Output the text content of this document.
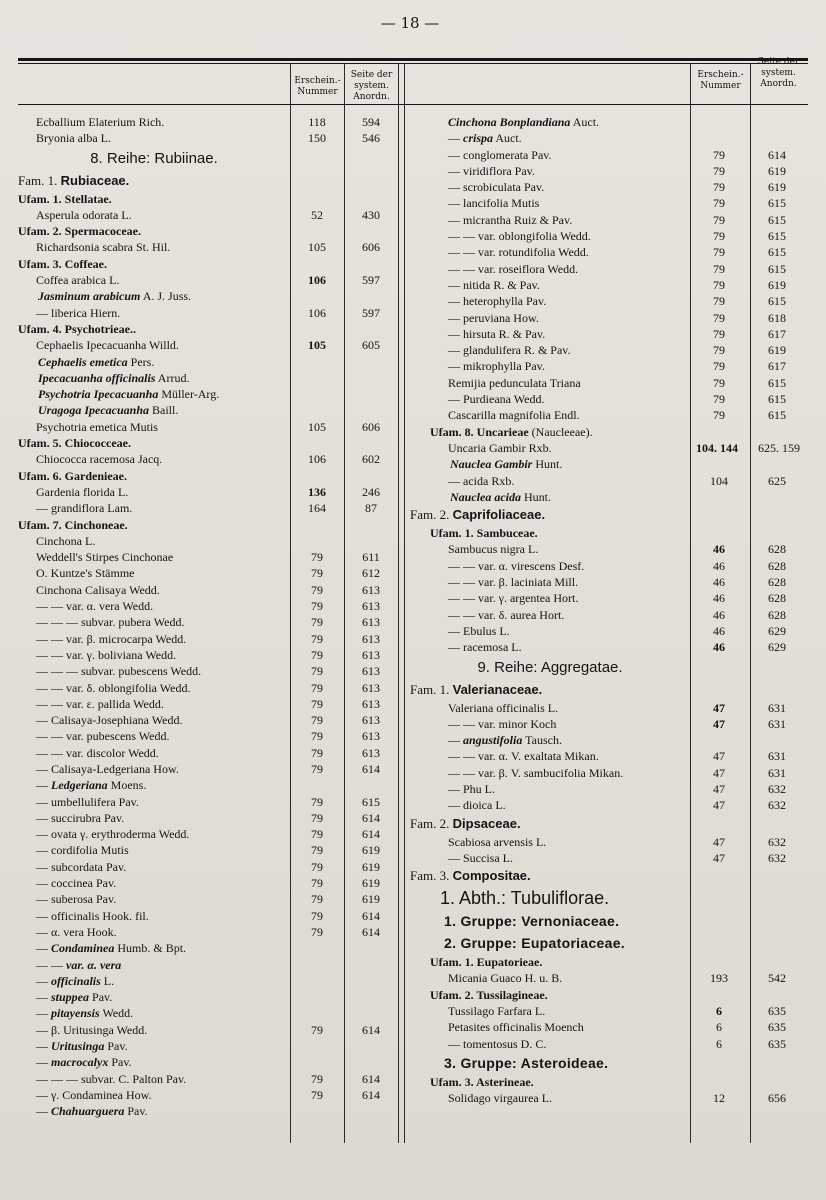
— 18 —
Erschein.-
Nummer
Seite der
system.
Anordn.
Erschein.-
Nummer
Seite der
system.
Anordn.
Ecballium Elaterium Rich.	118	594
Bryonia alba L.	150	546
8. Reihe: Rubiinae.
Fam. 1. Rubiaceae.
Ufam. 1. Stellatae.
Asperula odorata L.	52	430
Ufam. 2. Spermacoceae.
Richardsonia scabra St. Hil.	105	606
Ufam. 3. Coffeae.
Coffea arabica L.	106	597
Jasminum arabicum A. J. Juss.
— liberica Hiern.	106	597
Ufam. 4. Psychotrieae..
Cephaelis Ipecacuanha Willd.	105	605
Cephaelis emetica Pers.
Ipecacuanha officinalis Arrud.
Psychotria Ipecacuanha Müller-Arg.
Uragoga Ipecacuanha Baill.
Psychotria emetica Mutis	105	606
Ufam. 5. Chiococceae.
Chiococca racemosa Jacq.	106	602
Ufam. 6. Gardenieae.
Gardenia florida L.	136	246
— grandiflora Lam.	164	87
Ufam. 7. Cinchoneae.
Cinchona L.
Weddell's Stirpes Cinchonae	79	611
O. Kuntze's Stämme	79	612
Cinchona Calisaya Wedd.	79	613
— — var. α. vera Wedd.	79	613
— — — subvar. pubera Wedd.	79	613
— — var. β. microcarpa Wedd.	79	613
— — var. γ. boliviana Wedd.	79	613
— — — subvar. pubescens Wedd.	79	613
— — var. δ. oblongifolia Wedd.	79	613
— — var. ε. pallida Wedd.	79	613
— Calisaya-Josephiana Wedd.	79	613
— — var. pubescens Wedd.	79	613
— — var. discolor Wedd.	79	613
— Calisaya-Ledgeriana How.	79	614
— Ledgeriana Moens.
— umbellulifera Pav.	79	615
— succirubra Pav.	79	614
— ovata γ. erythroderma Wedd.	79	614
— cordifolia Mutis	79	619
— subcordata Pav.	79	619
— coccinea Pav.	79	619
— suberosa Pav.	79	619
— officinalis Hook. fil.	79	614
— α. vera Hook.	79	614
— Condaminea Humb. & Bpt.
— — var. α. vera
— officinalis L.
— stuppea Pav.
— pitayensis Wedd.
— β. Uritusinga Wedd.	79	614
— Uritusinga Pav.
— macrocalyx Pav.
— — — subvar. C. Palton Pav.	79	614
— γ. Condaminea How.	79	614
— Chahuarguera Pav.
Cinchona Bonplandiana Auct.
— crispa Auct.
— conglomerata Pav.	79	614
— viridiflora Pav.	79	619
— scrobiculata Pav.	79	619
— lancifolia Mutis	79	615
— micrantha Ruiz & Pav.	79	615
— — var. oblongifolia Wedd.	79	615
— — var. rotundifolia Wedd.	79	615
— — var. roseiflora Wedd.	79	615
— nitida R. & Pav.	79	619
— heterophylla Pav.	79	615
— peruviana How.	79	618
— hirsuta R. & Pav.	79	617
— glandulifera R. & Pav.	79	619
— mikrophylla Pav.	79	617
Remijia pedunculata Triana	79	615
— Purdieana Wedd.	79	615
Cascarilla magnifolia Endl.	79	615
Ufam. 8. Uncarieae (Naucleeae).
Uncaria Gambir Rxb.	104. 144	625. 159
Nauclea Gambir Hunt.
— acida Rxb.	104	625
Nauclea acida Hunt.
Fam. 2. Caprifoliaceae.
Ufam. 1. Sambuceae.
Sambucus nigra L.	46	628
— — var. α. virescens Desf.	46	628
— — var. β. laciniata Mill.	46	628
— — var. γ. argentea Hort.	46	628
— — var. δ. aurea Hort.	46	628
— Ebulus L.	46	629
— racemosa L.	46	629
9. Reihe: Aggregatae.
Fam. 1. Valerianaceae.
Valeriana officinalis L.	47	631
— — var. minor Koch	47	631
— angustifolia Tausch.
— — var. α. V. exaltata Mikan.	47	631
— — var. β. V. sambucifolia Mikan.	47	631
— Phu L.	47	632
— dioica L.	47	632
Fam. 2. Dipsaceae.
Scabiosa arvensis L.	47	632
— Succisa L.	47	632
Fam. 3. Compositae.
1. Abth.: Tubuliflorae.
1. Gruppe: Vernoniaceae.
2. Gruppe: Eupatoriaceae.
Ufam. 1. Eupatorieae.
Micania Guaco H. u. B.	193	542
Ufam. 2. Tussilagineae.
Tussilago Farfara L.	6	635
Petasites officinalis Moench	6	635
— tomentosus D. C.	6	635
3. Gruppe: Asteroideae.
Ufam. 3. Asterineae.
Solidago virgaurea L.	12	656
